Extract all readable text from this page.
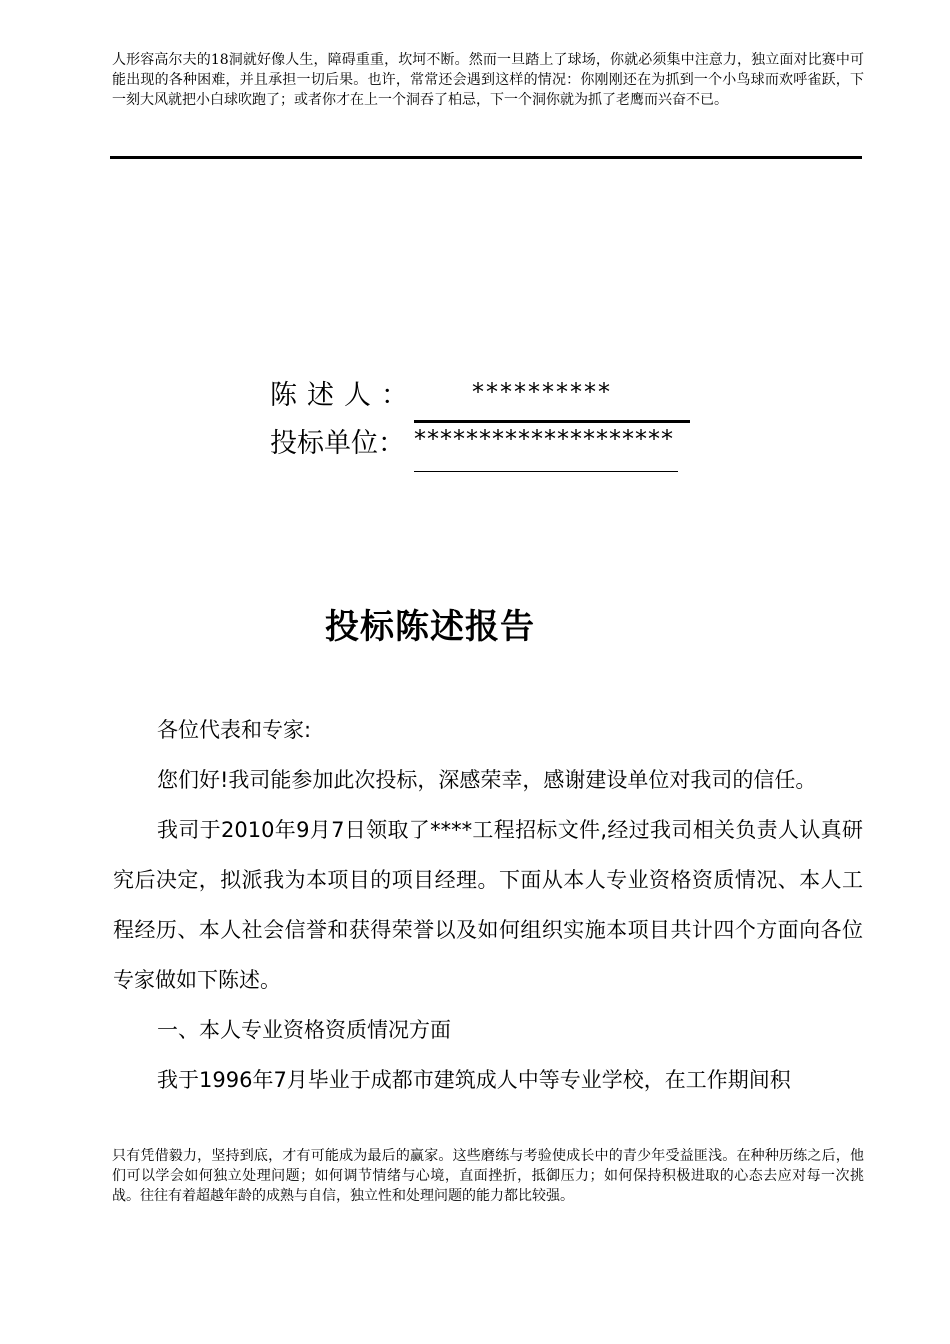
人形容高尔夫的18洞就好像人生，障碍重重，坎坷不断。然而一旦踏上了球场，你就必须集中注意力，独立面对比赛中可能出现的各种困难，并且承担一切后果。也许，常常还会遇到这样的情况：你刚刚还在为抓到一个小鸟球而欢呼雀跃，下一刻大风就把小白球吹跑了；或者你才在上一个洞吞了柏忌，下一个洞你就为抓了老鹰而兴奋不已。
陈述人： **********
投标单位： ********************
投标陈述报告

各位代表和专家:

您们好!我司能参加此次投标，深感荣幸，感谢建设单位对我司的信任。

我司于2010年9月7日领取了****工程招标文件,经过我司相关负责人认真研究后决定，拟派我为本项目的项目经理。下面从本人专业资格资质情况、本人工程经历、本人社会信誉和获得荣誉以及如何组织实施本项目共计四个方面向各位专家做如下陈述。

一、本人专业资格资质情况方面

我于1996年7月毕业于成都市建筑成人中等专业学校，在工作期间积

只有凭借毅力，坚持到底，才有可能成为最后的赢家。这些磨练与考验使成长中的青少年受益匪浅。在种种历练之后，他们可以学会如何独立处理问题；如何调节情绪与心境，直面挫折，抵御压力；如何保持积极进取的心态去应对每一次挑战。往往有着超越年龄的成熟与自信，独立性和处理问题的能力都比较强。
